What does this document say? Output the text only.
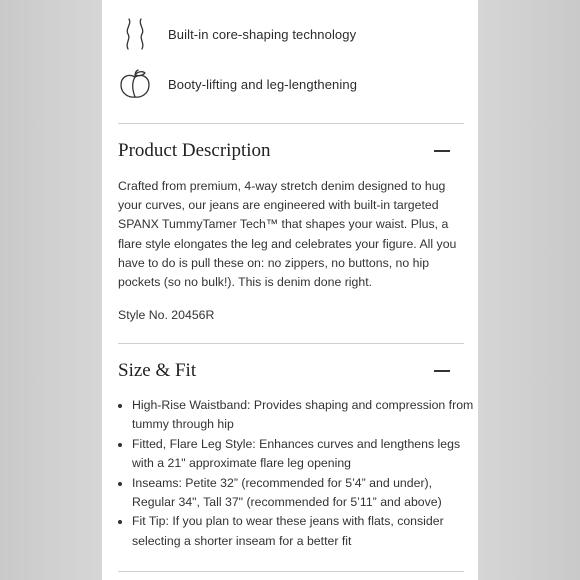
Built-in core-shaping technology
Booty-lifting and leg-lengthening
Product Description

Crafted from premium, 4-way stretch denim designed to hug your curves, our jeans are engineered with built-in targeted SPANX TummyTamer Tech™ that shapes your waist. Plus, a flare style elongates the leg and celebrates your figure. All you have to do is pull these on: no zippers, no buttons, no hip pockets (so no bulk!). This is denim done right.

Style No. 20456R
Size & Fit
• High-Rise Waistband: Provides shaping and compression from tummy through hip
• Fitted, Flare Leg Style: Enhances curves and lengthens legs with a 21" approximate flare leg opening
• Inseams: Petite 32” (recommended for 5’4” and under), Regular 34", Tall 37" (recommended for 5’11” and above)
• Fit Tip: If you plan to wear these jeans with flats, consider selecting a shorter inseam for a better fit
